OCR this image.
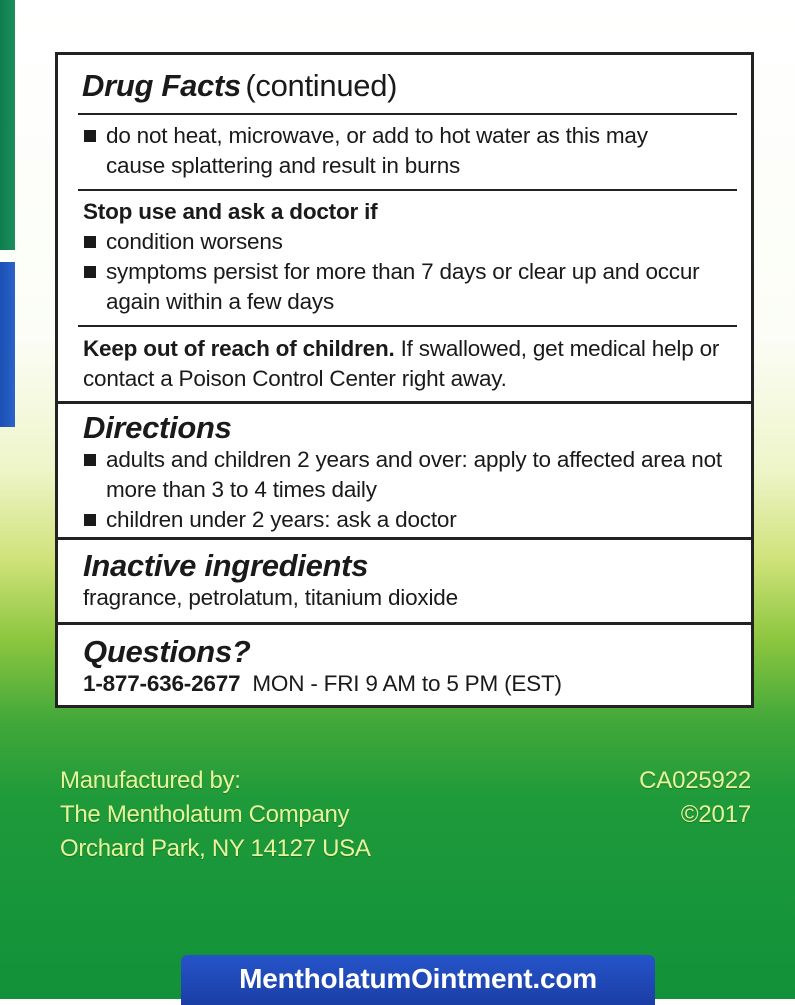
Drug Facts (continued)
do not heat, microwave, or add to hot water as this may cause splattering and result in burns
Stop use and ask a doctor if
condition worsens
symptoms persist for more than 7 days or clear up and occur again within a few days
Keep out of reach of children. If swallowed, get medical help or contact a Poison Control Center right away.
Directions
adults and children 2 years and over: apply to affected area not more than 3 to 4 times daily
children under 2 years: ask a doctor
Inactive ingredients
fragrance, petrolatum, titanium dioxide
Questions?
1-877-636-2677 MON - FRI 9 AM to 5 PM (EST)
Manufactured by:
The Mentholatum Company
Orchard Park, NY 14127 USA
CA025922
©2017
MentholatumOintment.com
